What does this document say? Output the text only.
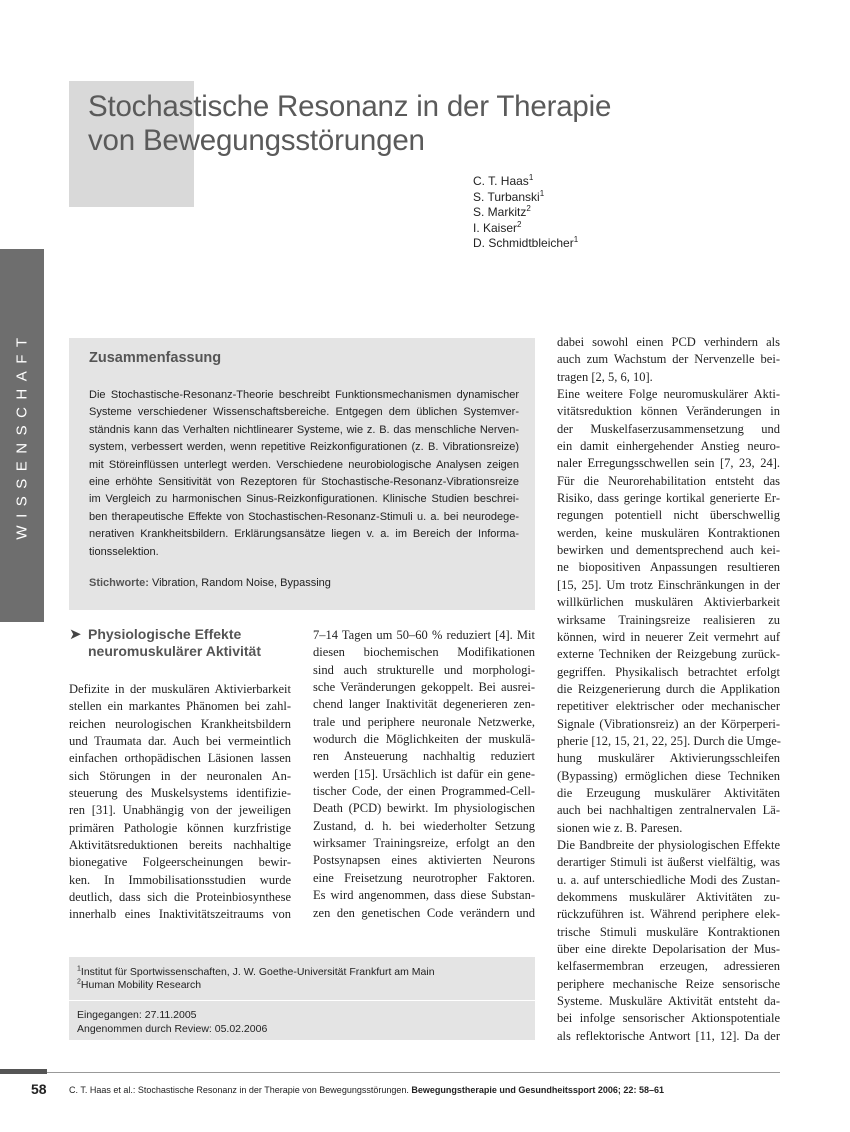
Stochastische Resonanz in der Therapie
von Bewegungsstörungen
C. T. Haas$^1$
S. Turbanski$^1$
S. Markitz$^2$
I. Kaiser$^2$
D. Schmidtbleicher$^1$
WISSENSCHAFT	Zusammenfassung
Die Stochastische-Resonanz-Theorie beschreibt Funktionsmechanismen dynamischer
Systeme verschiedener Wissenschaftsbereiche. Entgegen dem üblichen Systemver-
ständnis kann das Verhalten nichtlinearer Systeme, wie z. B. das menschliche Nerven-
system, verbessert werden, wenn repetitive Reizkonfigurationen (z. B. Vibrationsreize)
mit Störeinflüssen unterlegt werden. Verschiedene neurobiologische Analysen zeigen
eine erhöhte Sensitivität von Rezeptoren für Stochastische-Resonanz-Vibrationsreize
im Vergleich zu harmonischen Sinus-Reizkonfigurationen. Klinische Studien beschrei-
ben therapeutische Effekte von Stochastischen-Resonanz-Stimuli u. a. bei neurodege-
nerativen Krankheitsbildern. Erklärungsansätze liegen v. a. im Bereich der Informa-
tionsselektion.
Stichworte: Vibration, Random Noise, Bypassing
➤ Physiologische Effekte
neuromuskulärer Aktivität
Defizite in der muskulären Aktivierbarkeit
stellen ein markantes Phänomen bei zahl-
reichen neurologischen Krankheitsbildern
und Traumata dar. Auch bei vermeintlich
einfachen orthopädischen Läsionen lassen
sich Störungen in der neuronalen An-
steuerung des Muskelsystems identifizie-
ren [31]. Unabhängig von der jeweiligen
primären Pathologie können kurzfristige
Aktivitätsreduktionen bereits nachhaltige
bionegative Folgeerscheinungen bewir-
ken. In Immobilisationsstudien wurde
deutlich, dass sich die Proteinbiosynthese
innerhalb eines Inaktivitätszeitraums von
7–14 Tagen um 50–60 % reduziert [4]. Mit
diesen biochemischen Modifikationen
sind auch strukturelle und morphologi-
sche Veränderungen gekoppelt. Bei ausrei-
chend langer Inaktivität degenerieren zen-
trale und periphere neuronale Netzwerke,
wodurch die Möglichkeiten der muskulä-
ren Ansteuerung nachhaltig reduziert
werden [15]. Ursächlich ist dafür ein gene-
tischer Code, der einen Programmed-Cell-
Death (PCD) bewirkt. Im physiologischen
Zustand, d. h. bei wiederholter Setzung
wirksamer Trainingsreize, erfolgt an den
Postsynapsen eines aktivierten Neurons
eine Freisetzung neurotropher Faktoren.
Es wird angenommen, dass diese Substan-
zen den genetischen Code verändern und
dabei sowohl einen PCD verhindern als
auch zum Wachstum der Nervenzelle bei-
tragen [2, 5, 6, 10].
Eine weitere Folge neuromuskulärer Akti-
vitätsreduktion können Veränderungen in
der Muskelfaserzusammensetzung und
ein damit einhergehender Anstieg neuro-
naler Erregungsschwellen sein [7, 23, 24].
Für die Neurorehabilitation entsteht das
Risiko, dass geringe kortikal generierte Er-
regungen potentiell nicht überschwellig
werden, keine muskulären Kontraktionen
bewirken und dementsprechend auch kei-
ne biopositiven Anpassungen resultieren
[15, 25]. Um trotz Einschränkungen in der
willkürlichen muskulären Aktivierbarkeit
wirksame Trainingsreize realisieren zu
können, wird in neuerer Zeit vermehrt auf
externe Techniken der Reizgebung zurück-
gegriffen. Physikalisch betrachtet erfolgt
die Reizgenerierung durch die Applikation
repetitiver elektrischer oder mechanischer
Signale (Vibrationsreiz) an der Körperperi-
pherie [12, 15, 21, 22, 25]. Durch die Umge-
hung muskulärer Aktivierungsschleifen
(Bypassing) ermöglichen diese Techniken
die Erzeugung muskulärer Aktivitäten
auch bei nachhaltigen zentralnervalen Lä-
sionen wie z. B. Paresen.
Die Bandbreite der physiologischen Effekte
derartiger Stimuli ist äußerst vielfältig, was
u. a. auf unterschiedliche Modi des Zustan-
dekommens muskulärer Aktivitäten zu-
rückzuführen ist. Während periphere elek-
trische Stimuli muskuläre Kontraktionen
über eine direkte Depolarisation der Mus-
kelfasermembran erzeugen, adressieren
periphere mechanische Reize sensorische
Systeme. Muskuläre Aktivität entsteht da-
bei infolge sensorischer Aktionspotentiale
als reflektorische Antwort [11, 12]. Da der
$^1$Institut für Sportwissenschaften, J. W. Goethe-Universität Frankfurt am Main
$^2$Human Mobility Research
Eingegangen: 27.11.2005
Angenommen durch Review: 05.02.2006
58 C. T. Haas et al.: Stochastische Resonanz in der Therapie von Bewegungsstörungen. Bewegungstherapie und Gesundheitssport 2006; 22: 58–61
